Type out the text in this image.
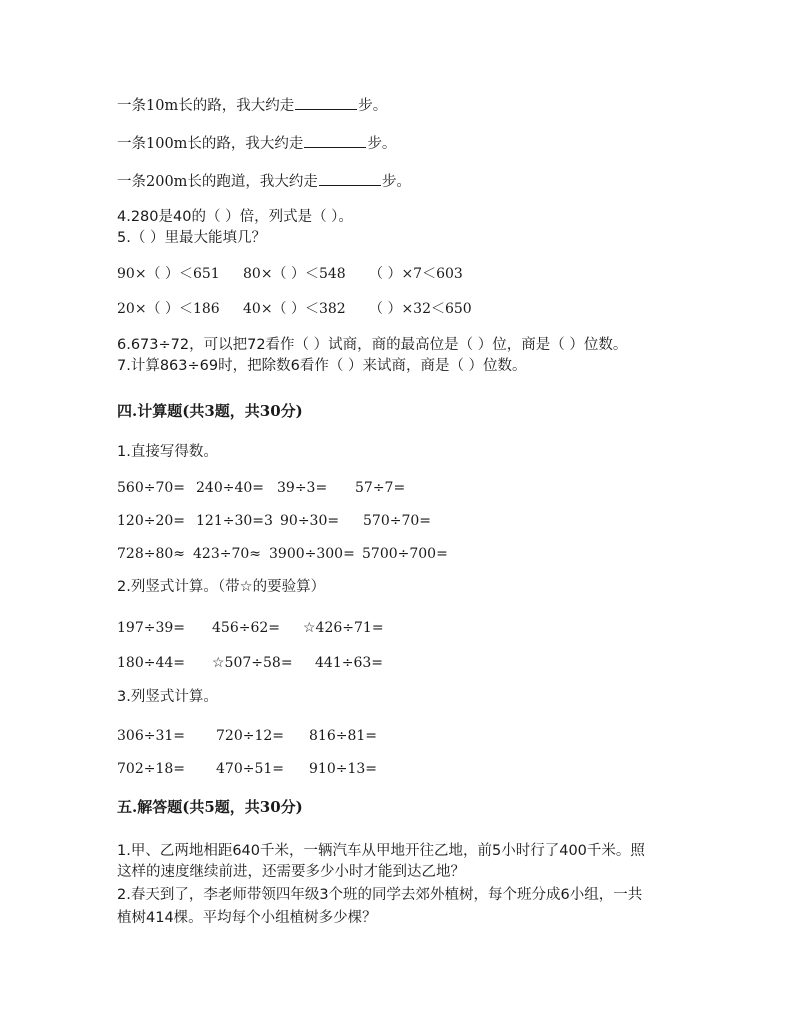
一条10m长的路，我大约走	步。
一条100m长的路，我大约走	步。
一条200m长的跑道，我大约走	步。
4.280是40的（ ）倍，列式是（ ）。
5.（ ）里最大能填几？
90×（ ）＜651 80×（ ）＜548 （ ）×7＜603
20×（ ）＜186 40×（ ）＜382 （ ）×32＜650
6.673÷72，可以把72看作（ ）试商，商的最高位是（ ）位，商是（ ）位数。
7.计算863÷69时，把除数6看作（ ）来试商，商是（ ）位数。
四.计算题(共3题，共30分)
1.直接写得数。
560÷70= 240÷40= 39÷3= 57÷7=
120÷20= 121÷30=3 90÷30= 570÷70=
728÷80≈ 423÷70≈ 3900÷300= 5700÷700=
2.列竖式计算。（带☆的要验算）
197÷39= 456÷62= ☆426÷71=
180÷44= ☆507÷58= 441÷63=
3.列竖式计算。
306÷31= 720÷12= 816÷81=
702÷18= 470÷51= 910÷13=
五.解答题(共5题，共30分)
1.甲、乙两地相距640千米，一辆汽车从甲地开往乙地，前5小时行了400千米。照
这样的速度继续前进，还需要多少小时才能到达乙地？
2.春天到了，李老师带领四年级3个班的同学去郊外植树，每个班分成6小组，一共
植树414棵。平均每个小组植树多少棵？
